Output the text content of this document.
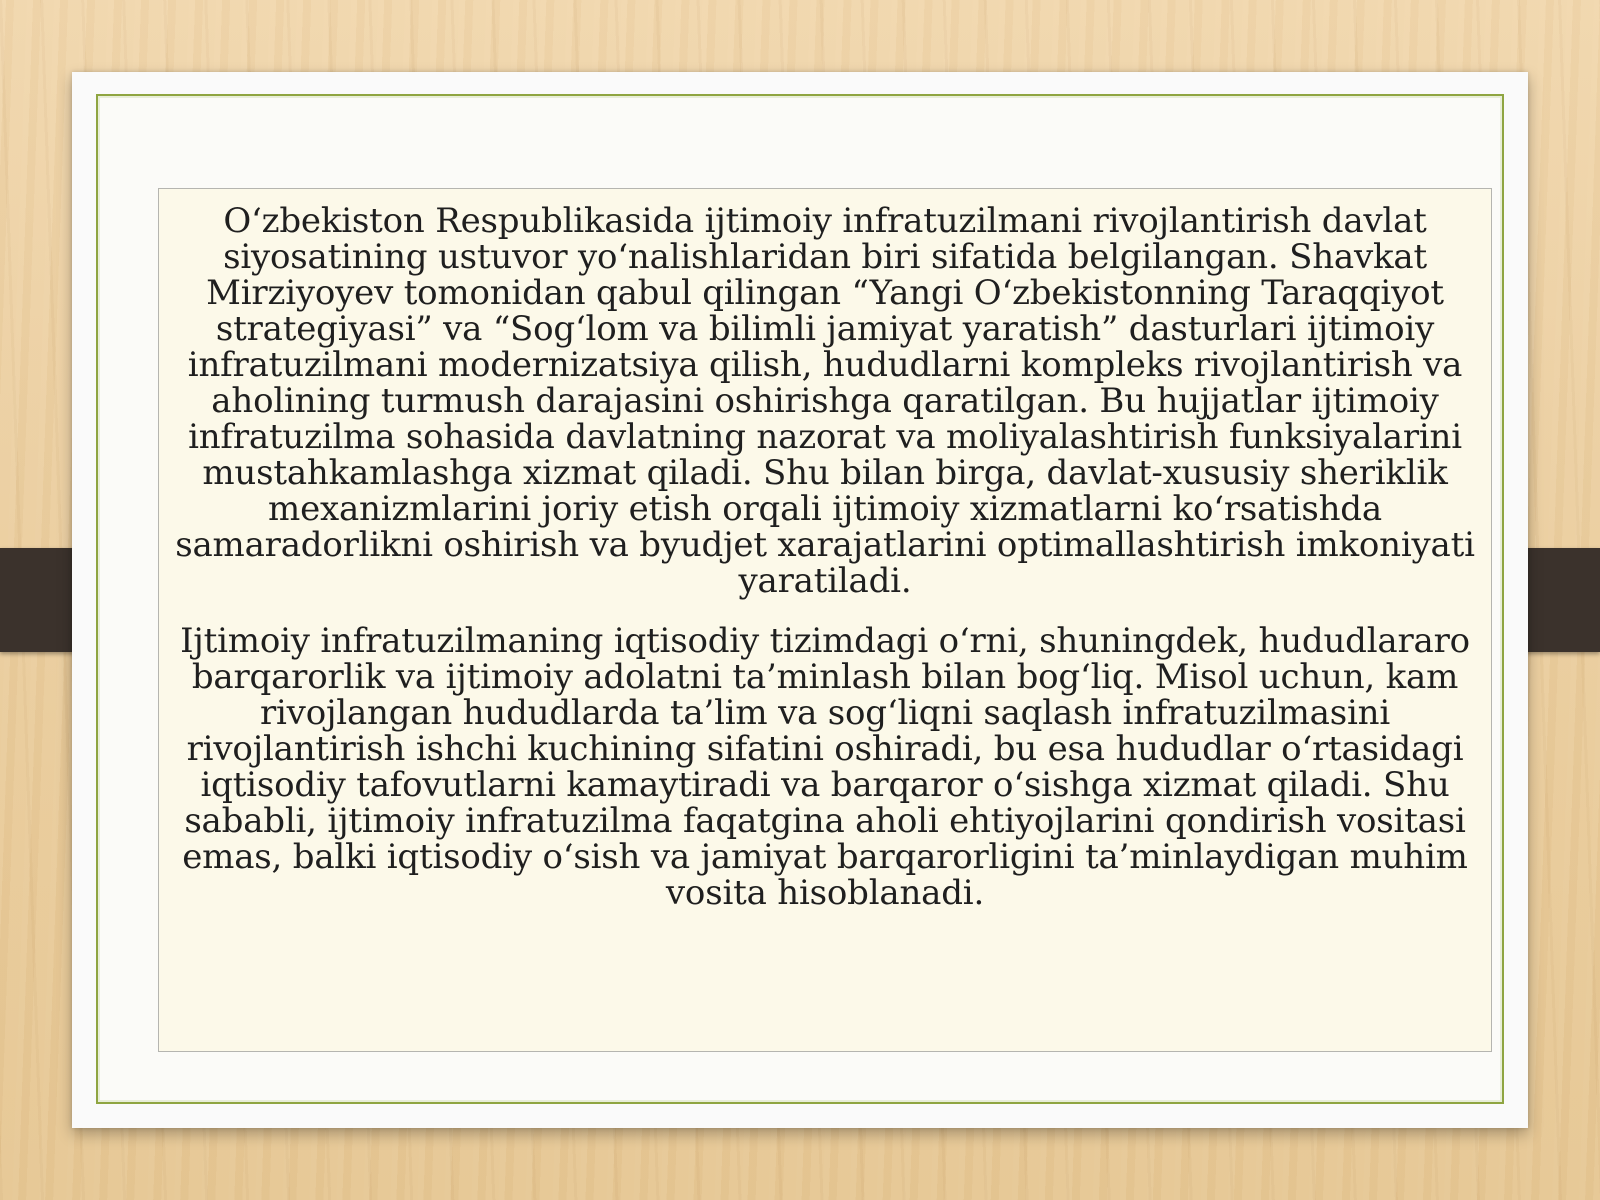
O‘zbekiston Respublikasida ijtimoiy infratuzilmani rivojlantirish davlat siyosatining ustuvor yo‘nalishlaridan biri sifatida belgilangan. Shavkat Mirziyoyev tomonidan qabul qilingan “Yangi O‘zbekistonning Taraqqiyot strategiyasi” va “Sog‘lom va bilimli jamiyat yaratish” dasturlari ijtimoiy infratuzilmani modernizatsiya qilish, hududlarni kompleks rivojlantirish va aholining turmush darajasini oshirishga qaratilgan. Bu hujjatlar ijtimoiy infratuzilma sohasida davlatning nazorat va moliyalashtirish funksiyalarini mustahkamlashga xizmat qiladi. Shu bilan birga, davlat-xususiy sheriklik mexanizmlarini joriy etish orqali ijtimoiy xizmatlarni ko‘rsatishda samaradorlikni oshirish va byudjet xarajatlarini optimallashtirish imkoniyati yaratiladi.

Ijtimoiy infratuzilmaning iqtisodiy tizimdagi o‘rni, shuningdek, hududlararo barqarorlik va ijtimoiy adolatni ta’minlash bilan bog‘liq. Misol uchun, kam rivojlangan hududlarda ta’lim va sog‘liqni saqlash infratuzilmasini rivojlantirish ishchi kuchining sifatini oshiradi, bu esa hududlar o‘rtasidagi iqtisodiy tafovutlarni kamaytiradi va barqaror o‘sishga xizmat qiladi. Shu sababli, ijtimoiy infratuzilma faqatgina aholi ehtiyojlarini qondirish vositasi emas, balki iqtisodiy o‘sish va jamiyat barqarorligini ta’minlaydigan muhim vosita hisoblanadi.
